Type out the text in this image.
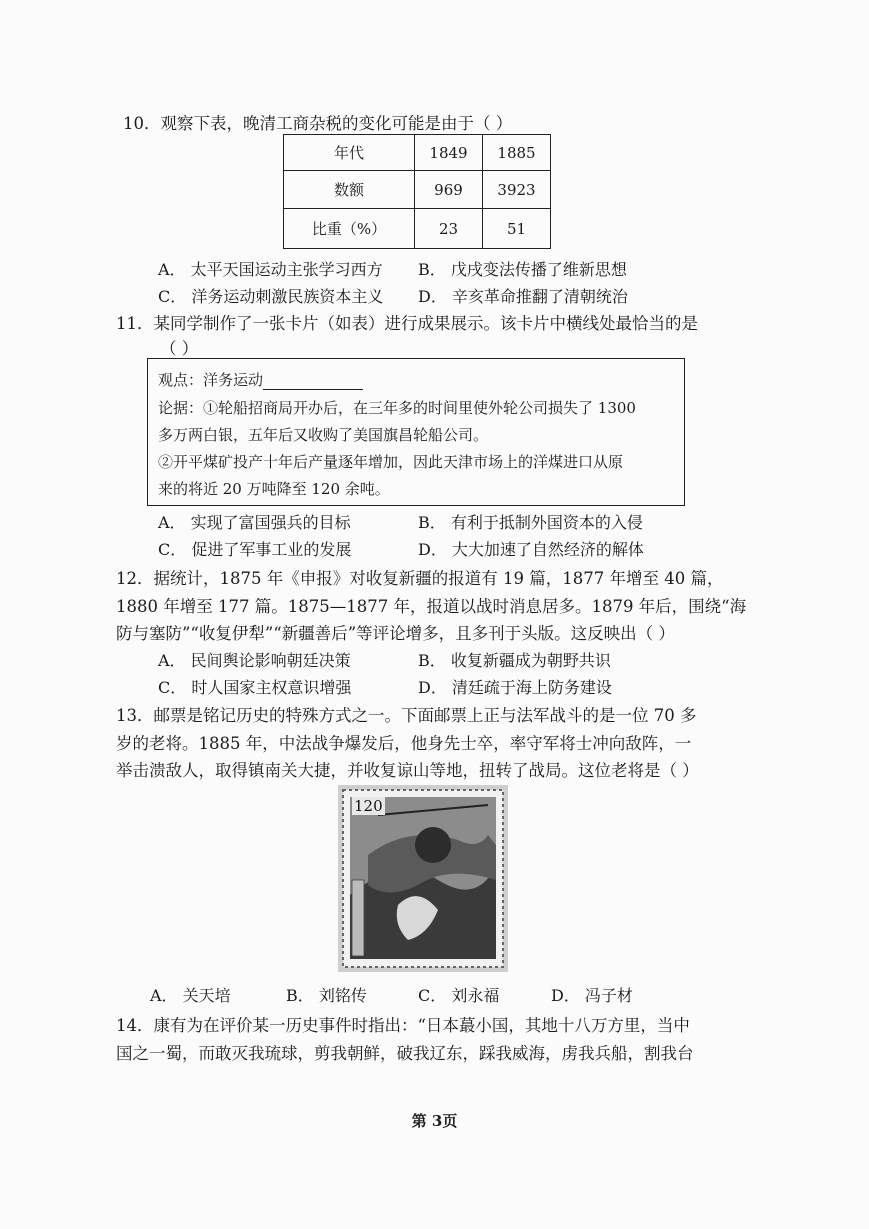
10．观察下表，晚清工商杂税的变化可能是由于（ ）
年代	1849	1885
数额	969	3923
比重（%）	23	51
A． 太平天国运动主张学习西方 B． 戊戌变法传播了维新思想
C． 洋务运动刺激民族资本主义 D． 辛亥革命推翻了清朝统治
11．某同学制作了一张卡片（如表）进行成果展示。该卡片中横线处最恰当的是
（ ）
观点：洋务运动
论据：①轮船招商局开办后，在三年多的时间里使外轮公司损失了 1300
多万两白银，五年后又收购了美国旗昌轮船公司。
②开平煤矿投产十年后产量逐年增加，因此天津市场上的洋煤进口从原
来的将近 20 万吨降至 120 余吨。
A． 实现了富国强兵的目标	B． 有利于抵制外国资本的入侵
C． 促进了军事工业的发展	D． 大大加速了自然经济的解体
12．据统计，1875 年《申报》对收复新疆的报道有 19 篇，1877 年增至 40 篇，
1880 年增至 177 篇。1875—1877 年，报道以战时消息居多。1879 年后，围绕“海
防与塞防”“收复伊犁”“新疆善后”等评论增多，且多刊于头版。这反映出（ ）
A． 民间舆论影响朝廷决策	B． 收复新疆成为朝野共识
C． 时人国家主权意识增强	D． 清廷疏于海上防务建设
13．邮票是铭记历史的特殊方式之一。下面邮票上正与法军战斗的是一位 70 多
岁的老将。1885 年，中法战争爆发后，他身先士卒，率守军将士冲向敌阵，一
举击溃敌人，取得镇南关大捷，并收复谅山等地，扭转了战局。这位老将是（ ）
120
A． 关天培	B． 刘铭传	C． 刘永福	D． 冯子材
14．康有为在评价某一历史事件时指出：“日本蕞小国，其地十八万方里，当中
国之一蜀，而敢灭我琉球，剪我朝鲜，破我辽东，踩我威海，虏我兵船，割我台
第 3页
